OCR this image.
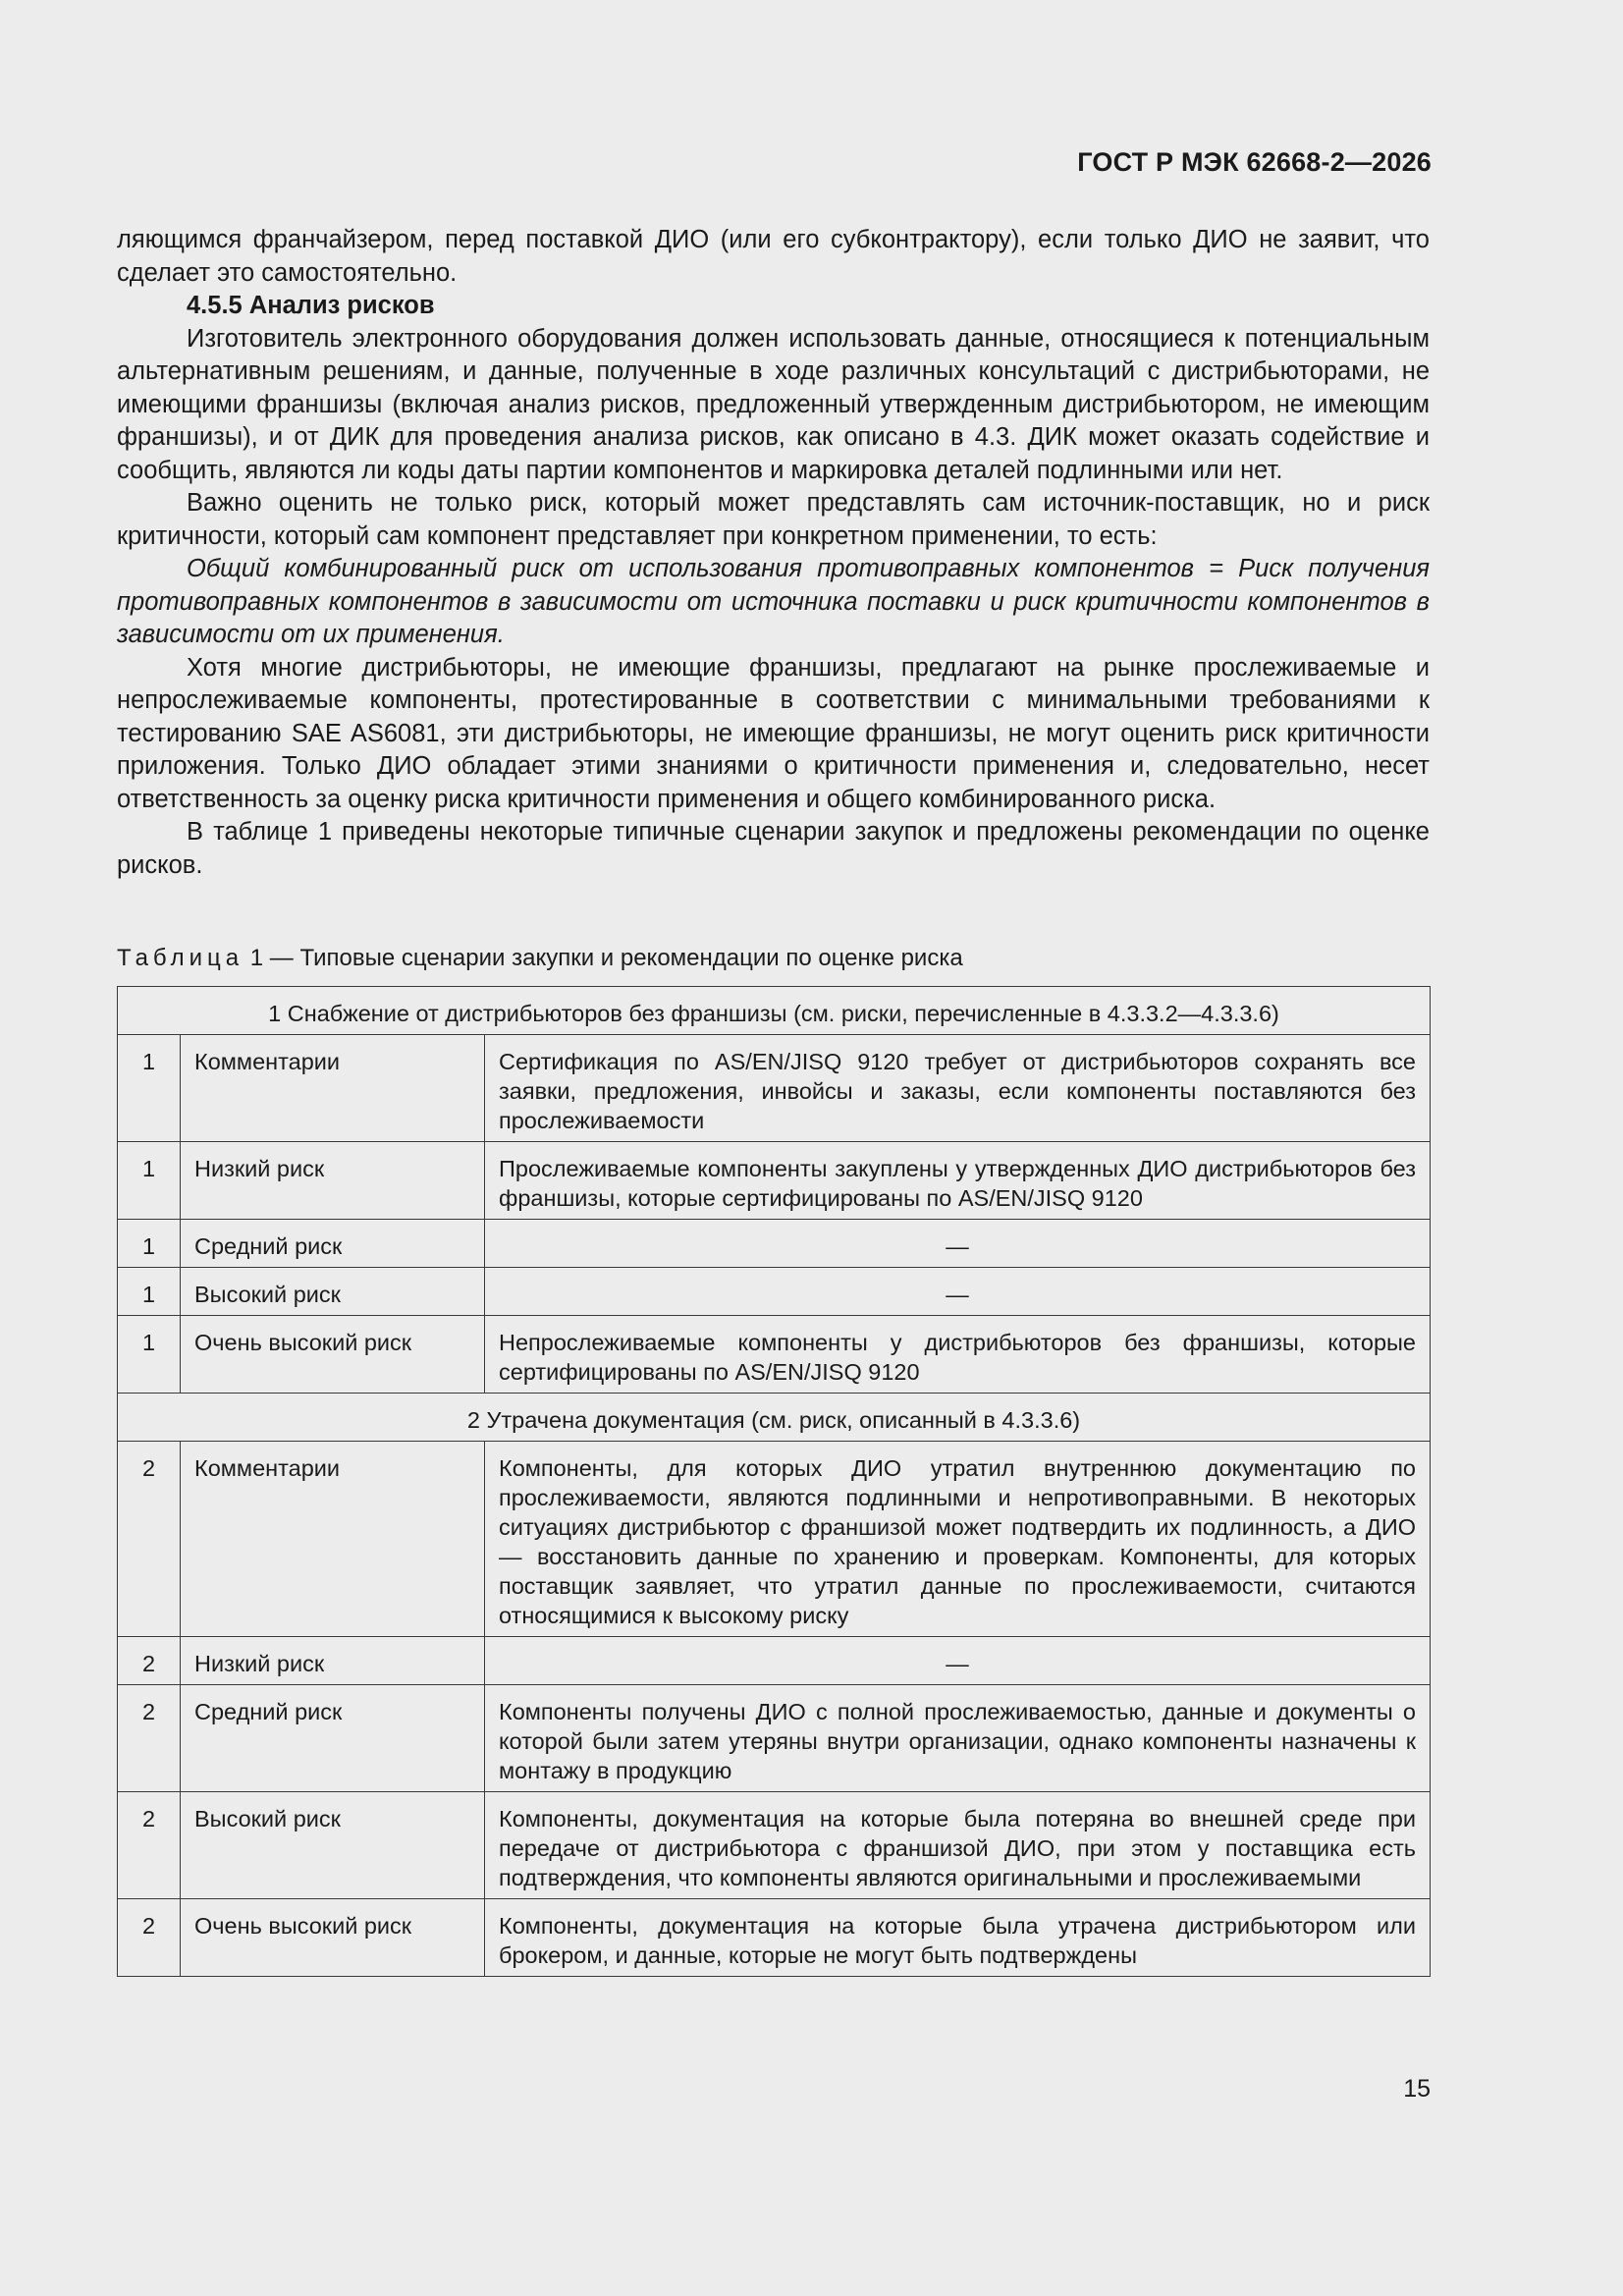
ГОСТ Р МЭК 62668-2—2026

ляющимся франчайзером, перед поставкой ДИО (или его субконтрактору), если только ДИО не заявит, что сделает это самостоятельно.

4.5.5 Анализ рисков

Изготовитель электронного оборудования должен использовать данные, относящиеся к потенциальным альтернативным решениям, и данные, полученные в ходе различных консультаций с дистрибьюторами, не имеющими франшизы (включая анализ рисков, предложенный утвержденным дистрибьютором, не имеющим франшизы), и от ДИК для проведения анализа рисков, как описано в 4.3. ДИК может оказать содействие и сообщить, являются ли коды даты партии компонентов и маркировка деталей подлинными или нет.

Важно оценить не только риск, который может представлять сам источник-поставщик, но и риск критичности, который сам компонент представляет при конкретном применении, то есть:

Общий комбинированный риск от использования противоправных компонентов = Риск получения противоправных компонентов в зависимости от источника поставки и риск критичности компонентов в зависимости от их применения.

Хотя многие дистрибьюторы, не имеющие франшизы, предлагают на рынке прослеживаемые и непрослеживаемые компоненты, протестированные в соответствии с минимальными требованиями к тестированию SAE AS6081, эти дистрибьюторы, не имеющие франшизы, не могут оценить риск критичности приложения. Только ДИО обладает этими знаниями о критичности применения и, следовательно, несет ответственность за оценку риска критичности применения и общего комбинированного риска.

В таблице 1 приведены некоторые типичные сценарии закупок и предложены рекомендации по оценке рисков.

Таблица 1 — Типовые сценарии закупки и рекомендации по оценке риска
1 Снабжение от дистрибьюторов без франшизы (см. риски, перечисленные в 4.3.3.2—4.3.3.6)		
1	Комментарии	Сертификация по AS/EN/JISQ 9120 требует от дистрибьюторов сохранять все заявки, предложения, инвойсы и заказы, если компоненты поставляются без прослеживаемости
1	Низкий риск	Прослеживаемые компоненты закуплены у утвержденных ДИО дистрибьюторов без франшизы, которые сертифицированы по AS/EN/JISQ 9120
1	Средний риск	—
1	Высокий риск	—
1	Очень высокий риск	Непрослеживаемые компоненты у дистрибьюторов без франшизы, которые сертифицированы по AS/EN/JISQ 9120
2 Утрачена документация (см. риск, описанный в 4.3.3.6)		
2	Комментарии	Компоненты, для которых ДИО утратил внутреннюю документацию по прослеживаемости, являются подлинными и непротивоправными. В некоторых ситуациях дистрибьютор с франшизой может подтвердить их подлинность, а ДИО — восстановить данные по хранению и проверкам. Компоненты, для которых поставщик заявляет, что утратил данные по прослеживаемости, считаются относящимися к высокому риску
2	Низкий риск	—
2	Средний риск	Компоненты получены ДИО с полной прослеживаемостью, данные и документы о которой были затем утеряны внутри организации, однако компоненты назначены к монтажу в продукцию
2	Высокий риск	Компоненты, документация на которые была потеряна во внешней среде при передаче от дистрибьютора с франшизой ДИО, при этом у поставщика есть подтверждения, что компоненты являются оригинальными и прослеживаемыми
2	Очень высокий риск	Компоненты, документация на которые была утрачена дистрибьютором или брокером, и данные, которые не могут быть подтверждены
15
